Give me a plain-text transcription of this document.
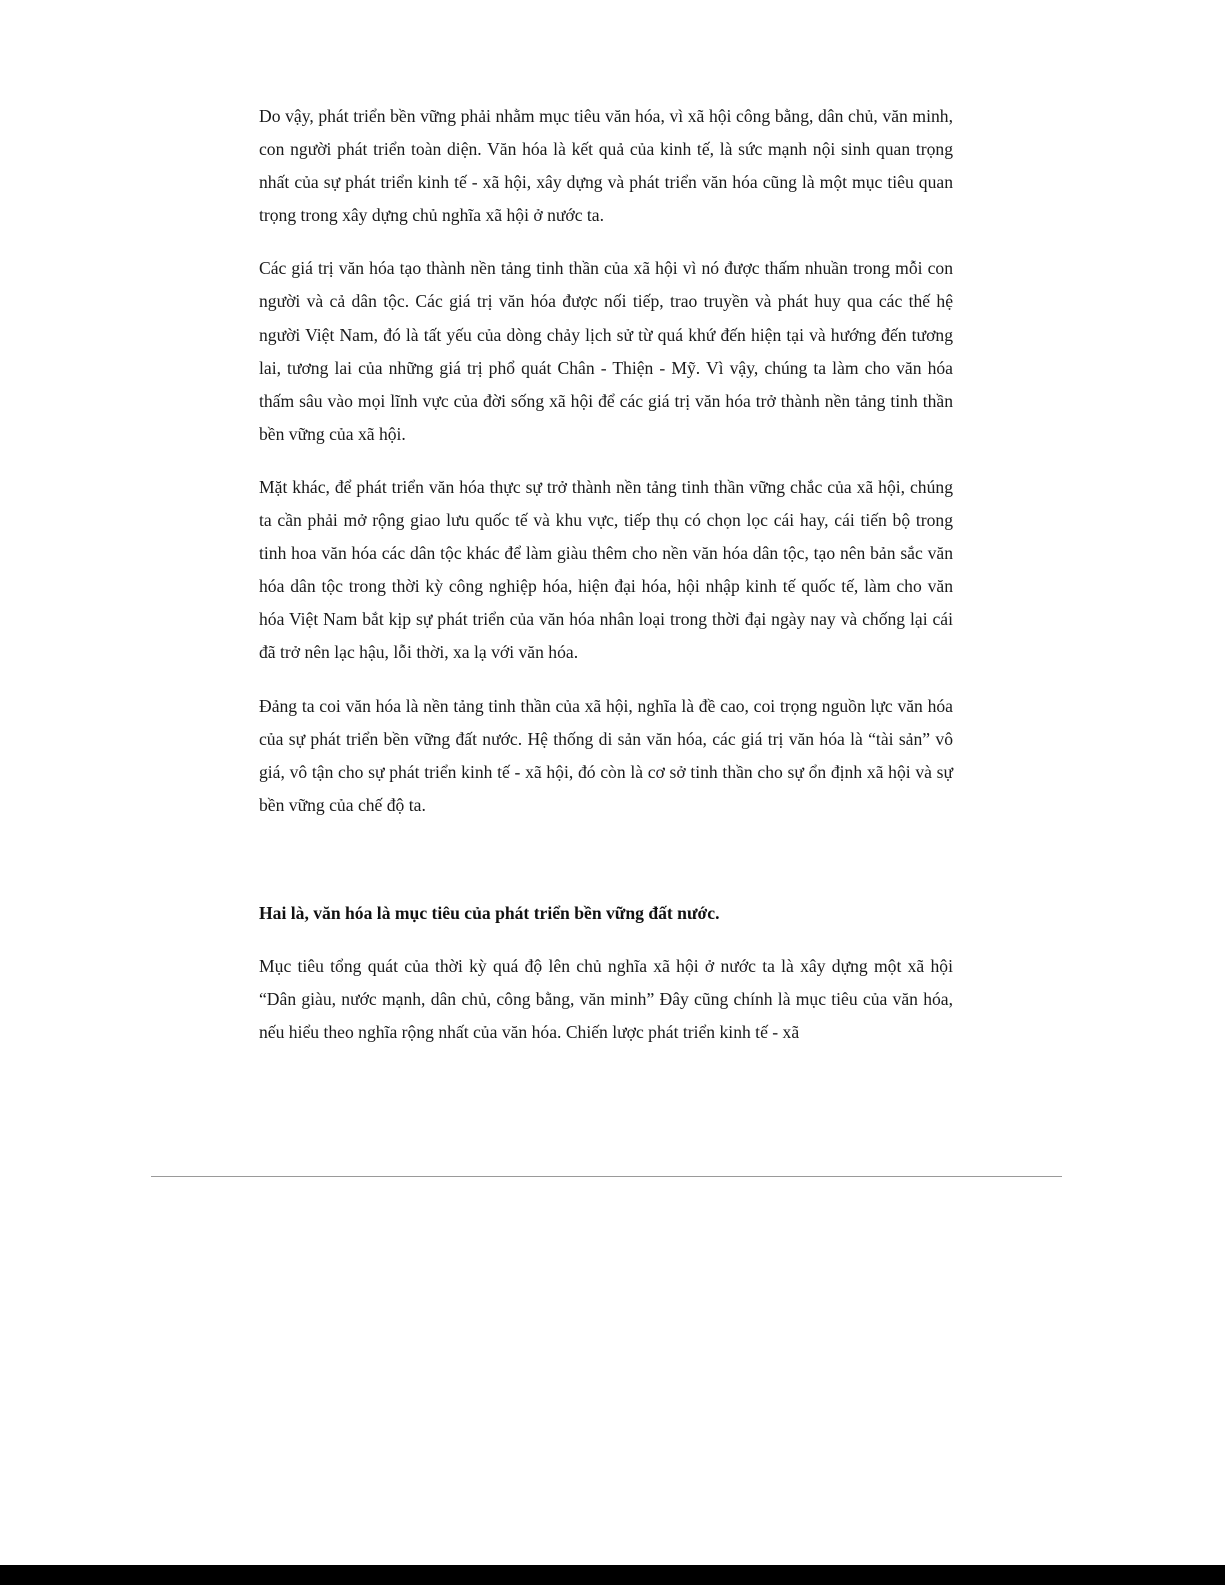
Do vậy, phát triển bền vững phải nhằm mục tiêu văn hóa, vì xã hội công bằng, dân chủ, văn minh, con người phát triển toàn diện. Văn hóa là kết quả của kinh tế, là sức mạnh nội sinh quan trọng nhất của sự phát triển kinh tế - xã hội, xây dựng và phát triển văn hóa cũng là một mục tiêu quan trọng trong xây dựng chủ nghĩa xã hội ở nước ta.

Các giá trị văn hóa tạo thành nền tảng tinh thần của xã hội vì nó được thấm nhuần trong mỗi con người và cả dân tộc. Các giá trị văn hóa được nối tiếp, trao truyền và phát huy qua các thế hệ người Việt Nam, đó là tất yếu của dòng chảy lịch sử từ quá khứ đến hiện tại và hướng đến tương lai, tương lai của những giá trị phổ quát Chân - Thiện - Mỹ. Vì vậy, chúng ta làm cho văn hóa thấm sâu vào mọi lĩnh vực của đời sống xã hội để các giá trị văn hóa trở thành nền tảng tinh thần bền vững của xã hội.

Mặt khác, để phát triển văn hóa thực sự trở thành nền tảng tinh thần vững chắc của xã hội, chúng ta cần phải mở rộng giao lưu quốc tế và khu vực, tiếp thụ có chọn lọc cái hay, cái tiến bộ trong tinh hoa văn hóa các dân tộc khác để làm giàu thêm cho nền văn hóa dân tộc, tạo nên bản sắc văn hóa dân tộc trong thời kỳ công nghiệp hóa, hiện đại hóa, hội nhập kinh tế quốc tế, làm cho văn hóa Việt Nam bắt kịp sự phát triển của văn hóa nhân loại trong thời đại ngày nay và chống lại cái đã trở nên lạc hậu, lỗi thời, xa lạ với văn hóa.

Đảng ta coi văn hóa là nền tảng tinh thần của xã hội, nghĩa là đề cao, coi trọng nguồn lực văn hóa của sự phát triển bền vững đất nước. Hệ thống di sản văn hóa, các giá trị văn hóa là “tài sản” vô giá, vô tận cho sự phát triển kinh tế - xã hội, đó còn là cơ sở tinh thần cho sự ổn định xã hội và sự bền vững của chế độ ta.

Hai là, văn hóa là mục tiêu của phát triển bền vững đất nước.

Mục tiêu tổng quát của thời kỳ quá độ lên chủ nghĩa xã hội ở nước ta là xây dựng một xã hội “Dân giàu, nước mạnh, dân chủ, công bằng, văn minh” Đây cũng chính là mục tiêu của văn hóa, nếu hiểu theo nghĩa rộng nhất của văn hóa. Chiến lược phát triển kinh tế - xã
